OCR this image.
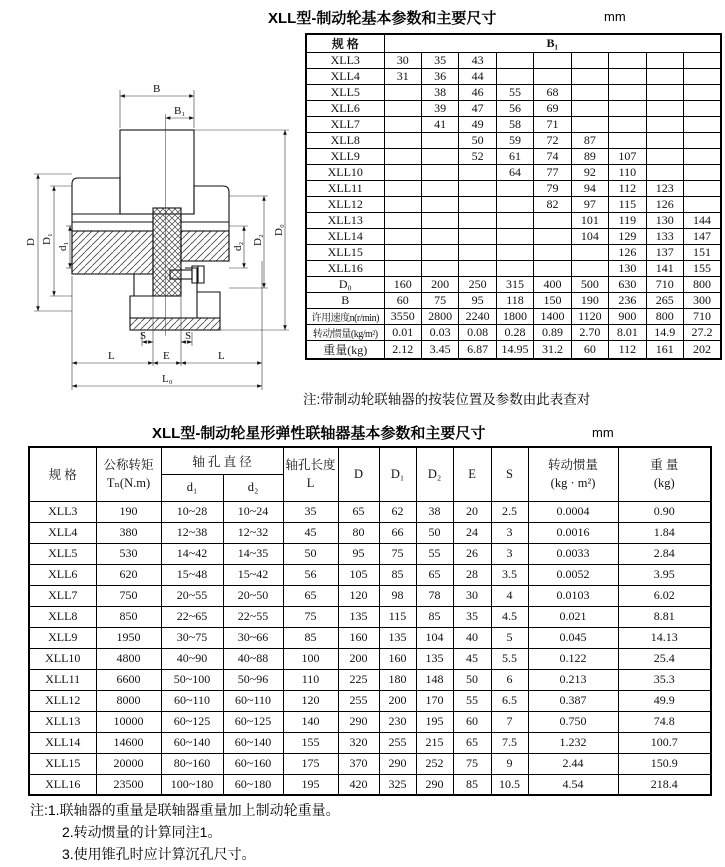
XLL型-制动轮基本参数和主要尺寸	mm
B
B₁
D D₁
d₁	d₂
D₂
D₀
S	S
L	E	L
L₀
规 格	B₁								
XLL3	30	35	43						
XLL4	31	36	44						
XLL5		38	46	55	68				
XLL6		39	47	56	69				
XLL7		41	49	58	71				
XLL8			50	59	72	87			
XLL9			52	61	74	89	107		
XLL10				64	77	92	110		
XLL11					79	94	112	123	
XLL12					82	97	115	126	
XLL13						101	119	130	144
XLL14						104	129	133	147
XLL15							126	137	151
XLL16							130	141	155
D₀	160	200	250	315	400	500	630	710	800
B	60	75	95	118	150	190	236	265	300
许用速度n(r/min)	3550	2800	2240	1800	1400	1120	900	800	710
转动惯量(kg/m²)	0.01	0.03	0.08	0.28	0.89	2.70	8.01	14.9	27.2
重量(kg)	2.12	3.45	6.87	14.95	31.2	60	112	161	202
注:带制动轮联轴器的按装位置及参数由此表查对
XLL型-制动轮星形弹性联轴器基本参数和主要尺寸	mm
规 格	公称转矩
Tₙ(N.m)	轴 孔 直 径		轴孔长度
L	D	D₁	D₂	E	S	转动惯量
(kg · m²)	重 量
(kg)

		d₁	d₂								
XLL3	190	10~28	10~24	35	65	62	38	20	2.5	0.0004	0.90
XLL4	380	12~38	12~32	45	80	66	50	24	3	0.0016	1.84
XLL5	530	14~42	14~35	50	95	75	55	26	3	0.0033	2.84
XLL6	620	15~48	15~42	56	105	85	65	28	3.5	0.0052	3.95
XLL7	750	20~55	20~50	65	120	98	78	30	4	0.0103	6.02
XLL8	850	22~65	22~55	75	135	115	85	35	4.5	0.021	8.81
XLL9	1950	30~75	30~66	85	160	135	104	40	5	0.045	14.13
XLL10	4800	40~90	40~88	100	200	160	135	45	5.5	0.122	25.4
XLL11	6600	50~100	50~96	110	225	180	148	50	6	0.213	35.3
XLL12	8000	60~110	60~110	120	255	200	170	55	6.5	0.387	49.9
XLL13	10000	60~125	60~125	140	290	230	195	60	7	0.750	74.8
XLL14	14600	60~140	60~140	155	320	255	215	65	7.5	1.232	100.7
XLL15	20000	80~160	60~160	175	370	290	252	75	9	2.44	150.9
XLL16	23500	100~180	60~180	195	420	325	290	85	10.5	4.54	218.4
注:1.联轴器的重量是联轴器重量加上制动轮重量。
2.转动惯量的计算同注1。
3.使用锥孔时应计算沉孔尺寸。
